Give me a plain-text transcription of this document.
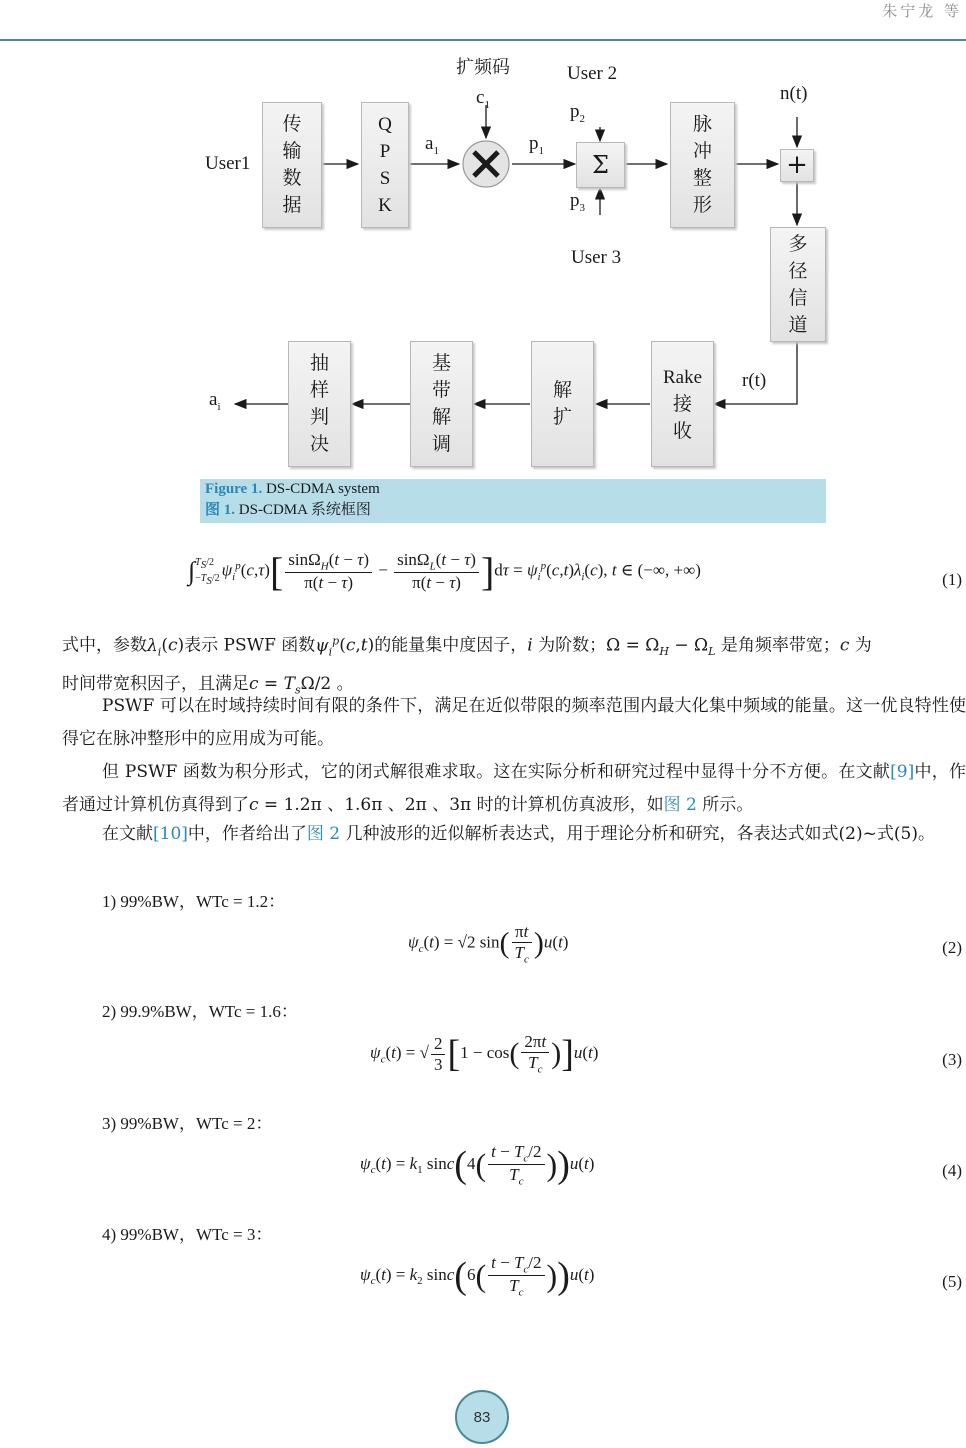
朱宁龙 等
传输数据
QPSK
Σ
脉冲整形
+
多径信道
Rake
接收
解扩
基带解调
抽样判决
扩频码
$c_1$
User 2
User 3
User1
n(t)
r(t)
$a_1$	$p_1$
$p_2$
$p_3$
$a_i$
Figure 1. DS-CDMA system
图 1. DS-CDMA 系统框图
$\int T_S/2$
$-T_S/2$ $\psi_i^p(c,\tau)[ \frac{\sin\Omega_H(t - \tau)}{\pi(t - \tau)} - \frac{\sin\Omega_L(t - \tau)}{\pi(t - \tau)} ]d\tau = \psi_i^p(c,t)\lambda_i(c)$, t ∈ (−∞, +∞)
(1)
式中，参数$\lambda_i(c)$表示 PSWF 函数$\psi_i^p(c,t)$的能量集中度因子，i 为阶数；$\Omega = \Omega_H - \Omega_L$ 是角频率带宽；c 为
时间带宽积因子，且满足$c = T_s\Omega/2$ 。
PSWF 可以在时域持续时间有限的条件下，满足在近似带限的频率范围内最大化集中频域的能量。这一优良特性使得它在脉冲整形中的应用成为可能。
但 PSWF 函数为积分形式，它的闭式解很难求取。这在实际分析和研究过程中显得十分不方便。在文献[9]中，作者通过计算机仿真得到了c = 1.2π 、1.6π 、2π 、3π 时的计算机仿真波形，如图 2 所示。
在文献[10]中，作者给出了图 2 几种波形的近似解析表达式，用于理论分析和研究，各表达式如式(2)~式(5)。
1) 99%BW，WTc = 1.2：
$\psi_c(t) = √2$ $\sin( \frac{\pi t}{T_c} )u(t)$	(2)
2) 99.9%BW，WTc = 1.6：
$\psi_c(t)$ = √ $\frac{2}{3} [1 - \cos( \frac{2\pi t}{T_c} )]u(t)$	(3)
3) 99%BW，WTc = 2：
$\psi_c(t) = k_1$ $\sin c(4( \frac{t - T_c/2}{T_c} ))u(t)$	(4)
4) 99%BW，WTc = 3：
$\psi_c(t) = k_2$ $\sin c(6( \frac{t - T_c/2}{T_c} ))u(t)$	(5)
83
